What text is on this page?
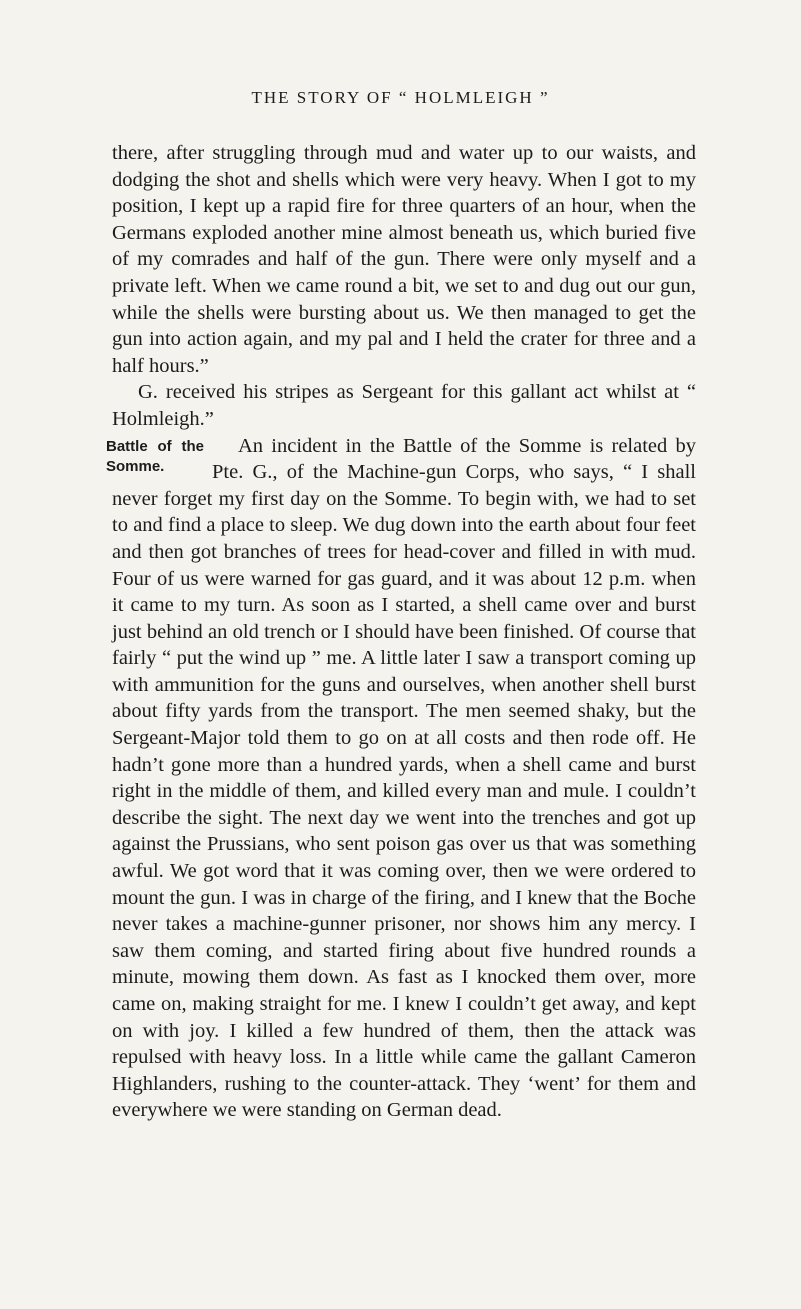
THE STORY OF “ HOLMLEIGH ”

there, after struggling through mud and water up to our waists, and dodging the shot and shells which were very heavy. When I got to my position, I kept up a rapid fire for three quarters of an hour, when the Germans exploded another mine almost beneath us, which buried five of my comrades and half of the gun. There were only myself and a private left. When we came round a bit, we set to and dug out our gun, while the shells were bursting about us. We then managed to get the gun into action again, and my pal and I held the crater for three and a half hours.”

G. received his stripes as Sergeant for this gallant act whilst at “ Holmleigh.”

Battle of the Somme.
An incident in the Battle of the Somme is related by Pte. G., of the Machine-gun Corps, who says, “ I shall never forget my first day on the Somme. To begin with, we had to set to and find a place to sleep. We dug down into the earth about four feet and then got branches of trees for head-cover and filled in with mud. Four of us were warned for gas guard, and it was about 12 p.m. when it came to my turn. As soon as I started, a shell came over and burst just behind an old trench or I should have been finished. Of course that fairly “ put the wind up ” me. A little later I saw a transport coming up with ammunition for the guns and ourselves, when another shell burst about fifty yards from the transport. The men seemed shaky, but the Sergeant-Major told them to go on at all costs and then rode off. He hadn’t gone more than a hundred yards, when a shell came and burst right in the middle of them, and killed every man and mule. I couldn’t describe the sight. The next day we went into the trenches and got up against the Prussians, who sent poison gas over us that was something awful. We got word that it was coming over, then we were ordered to mount the gun. I was in charge of the firing, and I knew that the Boche never takes a machine-gunner prisoner, nor shows him any mercy. I saw them coming, and started firing about five hundred rounds a minute, mowing them down. As fast as I knocked them over, more came on, making straight for me. I knew I couldn’t get away, and kept on with joy. I killed a few hundred of them, then the attack was repulsed with heavy loss. In a little while came the gallant Cameron Highlanders, rushing to the counter-attack. They ‘went’ for them and everywhere we were standing on German dead.
